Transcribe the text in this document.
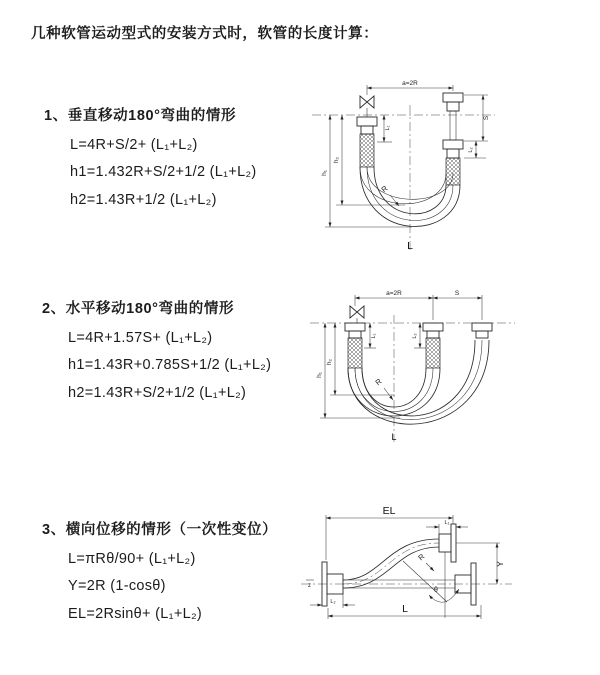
几种软管运动型式的安装方式时，软管的长度计算：
1、垂直移动180°弯曲的情形
L=4R+S/2+ (L₁+L₂)
h1=1.432R+S/2+1/2 (L₁+L₂)
h2=1.43R+1/2 (L₁+L₂)
2、水平移动180°弯曲的情形
L=4R+1.57S+ (L₁+L₂)
h1=1.43R+0.785S+1/2 (L₁+L₂)
h2=1.43R+S/2+1/2 (L₁+L₂)
3、横向位移的情形（一次性变位）
L=πRθ/90+ (L₁+L₂)
Y=2R (1-cosθ)
EL=2Rsinθ+ (L₁+L₂)
a=2R
h₁
h₂
L₁
S
L₂
R
L
a=2R	S
h₁
h₂
L₁	L₂
R
L
z
EL
L₁
Y
θ
R
L
L₂
